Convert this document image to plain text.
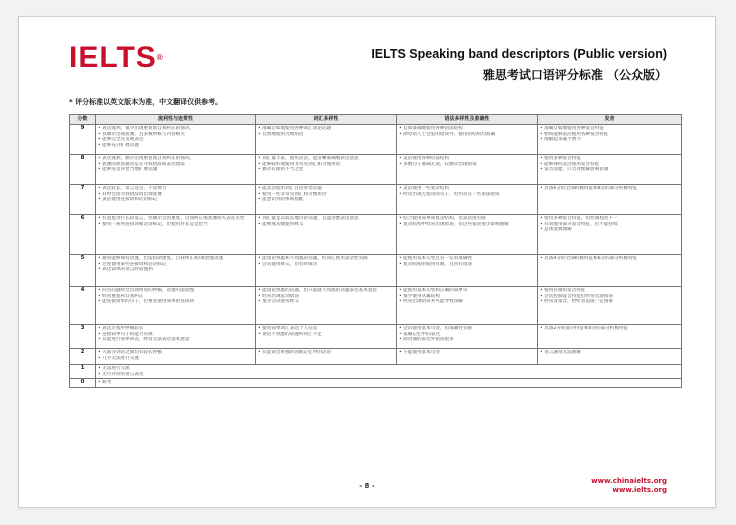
IELTS®	IELTS Speaking band descriptors (Public version)
雅思考试口语评分标准 （公众版）
* 评分标准以英文版本为准，中文翻译仅供参考。
分数	流利性与连贯性	词汇多样性	语法多样性及准确性	发音
9	• 表达流利，很少出现重复或自我纠正的情况，
• 仅偶尔出现犹豫，且多数时候与内容相关
• 能够完全连贯地表达
• 能够充分扩展话题	• 准确自如地使用各种词汇谈论话题
• 自然地使用习惯用语	• 自如准确地使用各种语法结构
• 除母语人士会犯的错误外，使用的结构均准确	• 准确自如地使用各种发音特征
• 始终能够灵活使用各种发音特征
• 理解起来毫不费力

8	• 表达流利，偶尔出现重复或自我纠正的情况，
• 犹豫的原因通常是在寻找措辞或表达想法
• 能够连贯并恰当地扩展话题	• 词汇量丰富，使用灵活，能清晰准确地表达意思
• 能够较好地使用非常见词汇和习惯用语
• 偶尔有使用不当之处	• 灵活使用各种语法结构
• 多数句子准确无误，仅偶尔出现错误	• 使用多种发音特征
• 能够保持灵活使用发音特征
• 发音清楚，口音对理解影响甚微

7	• 表达较长，语言连贯，不显费力
• 有时会因寻找措辞而出现犹豫
• 灵活使用连接词和话语标记	• 能灵活使用词汇讨论各类话题
• 使用一些非常见词汇和习惯用语
• 能意识到语体和搭配	• 灵活使用一些复杂结构
• 经常出现无错误的句子，但仍存在一些语法错误	• 具备6分的全部积极特征和8分的部分积极特征

6	• 有意愿进行长段发言，但偶尔会因重复、自我纠正或犹豫而失去连贯性
• 使用一系列连接词和话语标记，但使用并非总是恰当	• 词汇量足以较长地讨论话题，且能清楚表达意思
• 能够成功地使用释义	• 结合使用简单和复杂结构，但灵活度有限
• 复杂结构中经常出现错误，但这些错误很少影响理解	• 使用多种发音特征，但控制程度不一
• 有效使用部分发音特征，但不能持续
• 总体能被理解

5	• 通常能够保持语流，但需借助重复、自我纠正和/或放慢语速
• 过度使用某些连接词和话语标记
• 表达简单的语言时较流利	• 能谈论熟悉和不熟悉的话题，但词汇使用灵活性有限
• 尝试使用释义，但有时成功	• 能使用基本句型且有一定的准确性
• 复杂结构的使用有限，且常有错误	• 具备4分的全部积极特征和6分的部分积极特征

4	• 回答问题时会出现明显的停顿，语速可能较慢
• 经常重复和自我纠正
• 能连接简单的句子，但重复使用简单的连接词	• 能谈论熟悉的话题，但只能就不熟悉的话题表达基本意思
• 经常出现选词错误
• 很少尝试使用释义	• 能使用基本句型和正确的简单句
• 很少使用从属结构
• 经常出现错误并可能导致误解	• 使用有限的发音特征
• 尝试控制发音特征但经常出现错误
• 经常发错音，给听者造成一定困难

3	• 表达过程中停顿较长
• 连接简单句子的能力有限
• 仅能进行简单回答，经常无法表达基本意思	• 使用简单词汇表达个人信息
• 谈论不熟悉的话题时词汇不足	• 尝试使用基本句型，但准确性有限
• 依赖记忆中的表达
• 除背诵的表达外错误很多	• 具备2分的部分特征和4分的部分积极特征

2	• 大部分词语之间均有较长停顿
• 几乎无法进行交流	• 仅能说出单独的词或记忆中的话语	• 不能使用基本句型	• 语言通常无法理解

1	• 无法进行交流
• 无可评价的语言表达

0	• 缺考
- 8 -
www.chinaielts.org
www.ielts.org
